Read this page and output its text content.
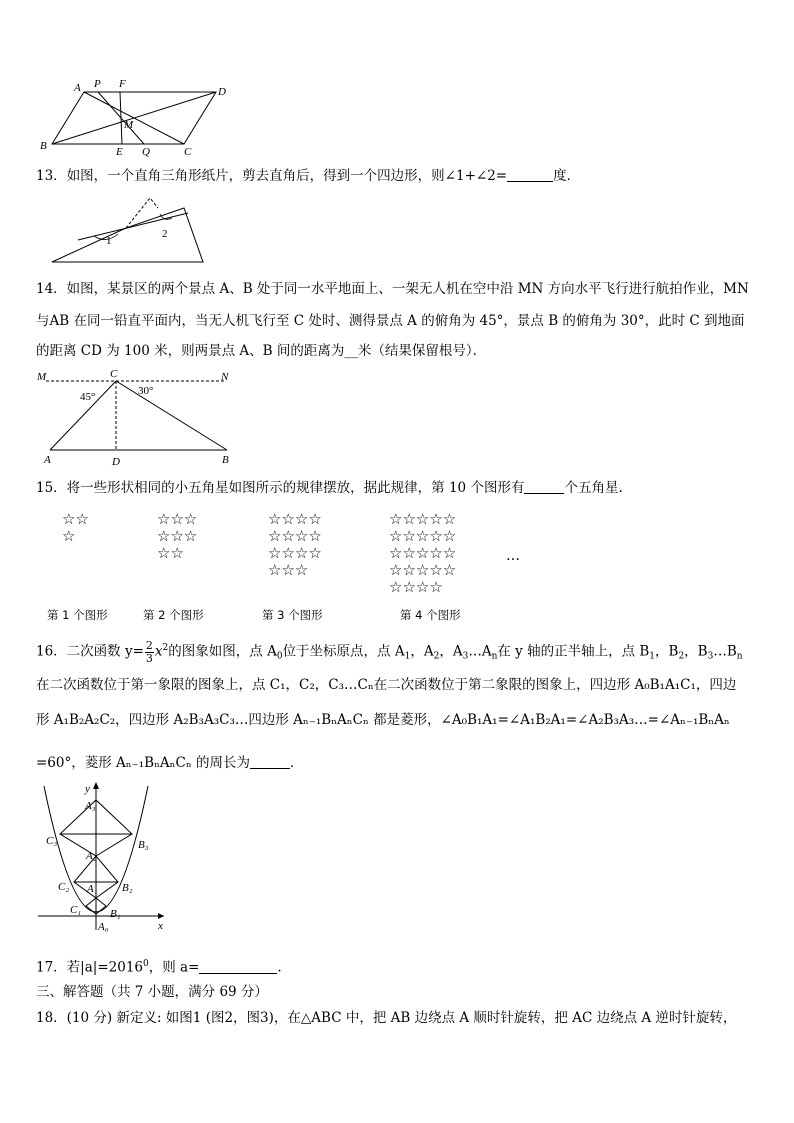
A P F
D
B
M
E Q	C
13．如图，一个直角三角形纸片，剪去直角后，得到一个四边形，则∠1+∠2=	度．
1
2
14．如图，某景区的两个景点 A、B 处于同一水平地面上、一架无人机在空中沿 MN 方向水平飞行进行航拍作业，MN
与AB 在同一铅直平面内，当无人机飞行至 C 处时、测得景点 A 的俯角为 45°，景点 B 的俯角为 30°，此时 C 到地面
的距离 CD 为 100 米，则两景点 A、B 间的距离为__米（结果保留根号）．
M	C	N
A	D	B
45°	30°
15．将一些形状相同的小五角星如图所示的规律摆放，据此规律，第 10 个图形有	个五角星.
☆☆
☆
☆☆☆
☆☆☆
☆☆
☆☆☆☆
☆☆☆☆
☆☆☆☆
☆☆☆
☆☆☆☆☆
☆☆☆☆☆
☆☆☆☆☆
☆☆☆☆☆
☆☆☆☆
…
第 1 个图形	第 2 个图形	第 3 个图形	第 4 个图形
16．二次函数 $y= \frac{2}{3} x^2$的图象如图，点 $A_0$位于坐标原点，点 $A_1$，$A_2$，$A_3\dots A_n$在 y 轴的正半轴上，点 $B_1$，$B_2$，$B_3\dots B_n$
在二次函数位于第一象限的图象上，点 C₁，C₂，C₃…Cₙ在二次函数位于第二象限的图象上，四边形 A₀B₁A₁C₁，四边
形 A₁B₂A₂C₂，四边形 A₂B₃A₃C₃…四边形 Aₙ₋₁BₙAₙCₙ 都是菱形，∠A₀B₁A₁=∠A₁B₂A₁=∠A₂B₃A₃…=∠Aₙ₋₁BₙAₙ
=60°，菱形 Aₙ₋₁BₙAₙCₙ 的周长为	．
y
x
A₃
C₃	B₃
A₂
C₂	B₂
A₁
C₁	B₁
A₀
17．若$|a|=2016^0$，则 a=	.
三、解答题（共 7 小题，满分 69 分）
18．(10 分) 新定义: 如图1 (图2，图3)，在△ABC 中，把 AB 边绕点 A 顺时针旋转，把 AC 边绕点 A 逆时针旋转，
